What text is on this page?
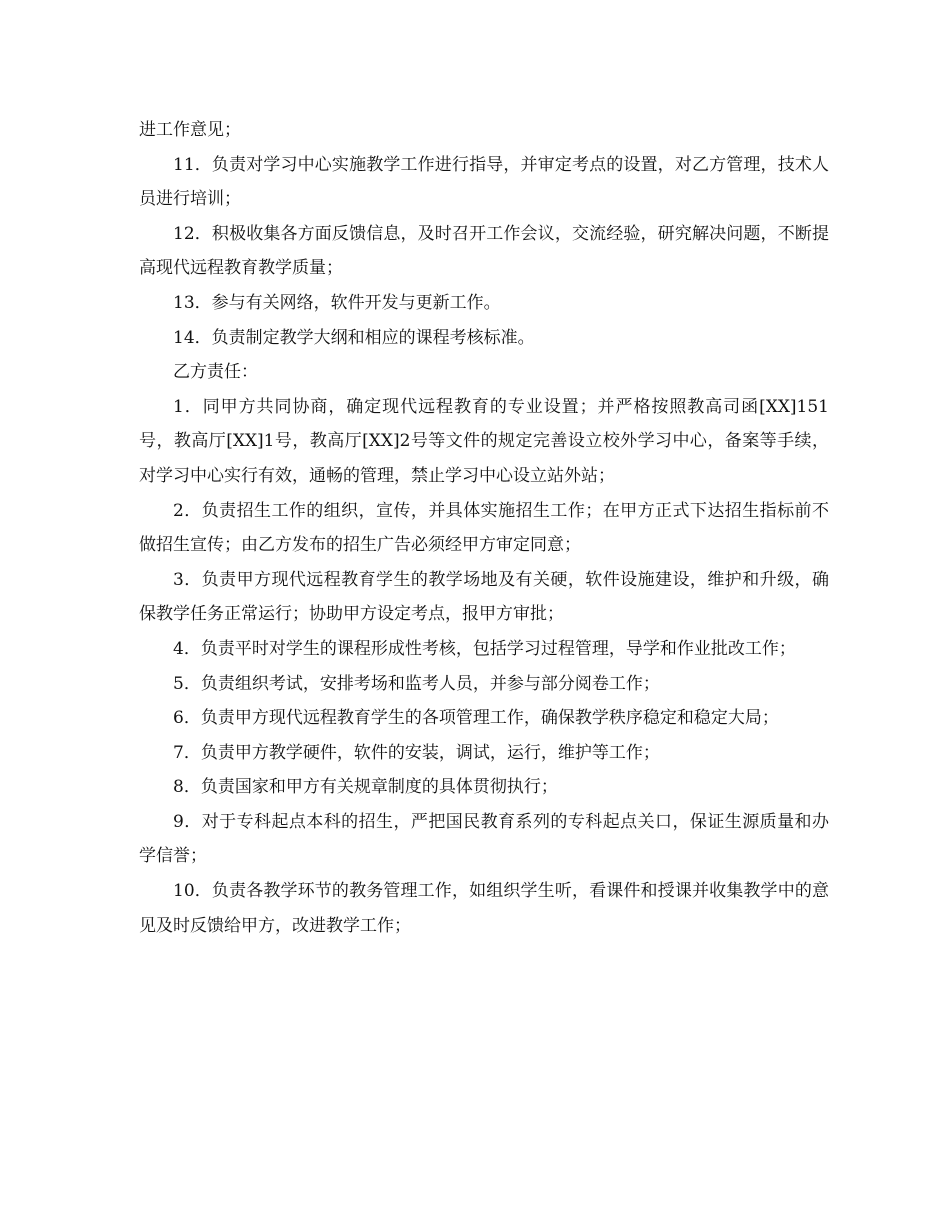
进工作意见；

11．负责对学习中心实施教学工作进行指导，并审定考点的设置，对乙方管理，技术人员进行培训；

12．积极收集各方面反馈信息，及时召开工作会议，交流经验，研究解决问题，不断提高现代远程教育教学质量；

13．参与有关网络，软件开发与更新工作。

14．负责制定教学大纲和相应的课程考核标准。

乙方责任：

1．同甲方共同协商，确定现代远程教育的专业设置；并严格按照教高司函[XX]151号，教高厅[XX]1号，教高厅[XX]2号等文件的规定完善设立校外学习中心，备案等手续，对学习中心实行有效，通畅的管理，禁止学习中心设立站外站；

2．负责招生工作的组织，宣传，并具体实施招生工作；在甲方正式下达招生指标前不做招生宣传；由乙方发布的招生广告必须经甲方审定同意；

3．负责甲方现代远程教育学生的教学场地及有关硬，软件设施建设，维护和升级，确保教学任务正常运行；协助甲方设定考点，报甲方审批；

4．负责平时对学生的课程形成性考核，包括学习过程管理，导学和作业批改工作；

5．负责组织考试，安排考场和监考人员，并参与部分阅卷工作；

6．负责甲方现代远程教育学生的各项管理工作，确保教学秩序稳定和稳定大局；

7．负责甲方教学硬件，软件的安装，调试，运行，维护等工作；

8．负责国家和甲方有关规章制度的具体贯彻执行；

9．对于专科起点本科的招生，严把国民教育系列的专科起点关口，保证生源质量和办学信誉；

10．负责各教学环节的教务管理工作，如组织学生听，看课件和授课并收集教学中的意见及时反馈给甲方，改进教学工作；
